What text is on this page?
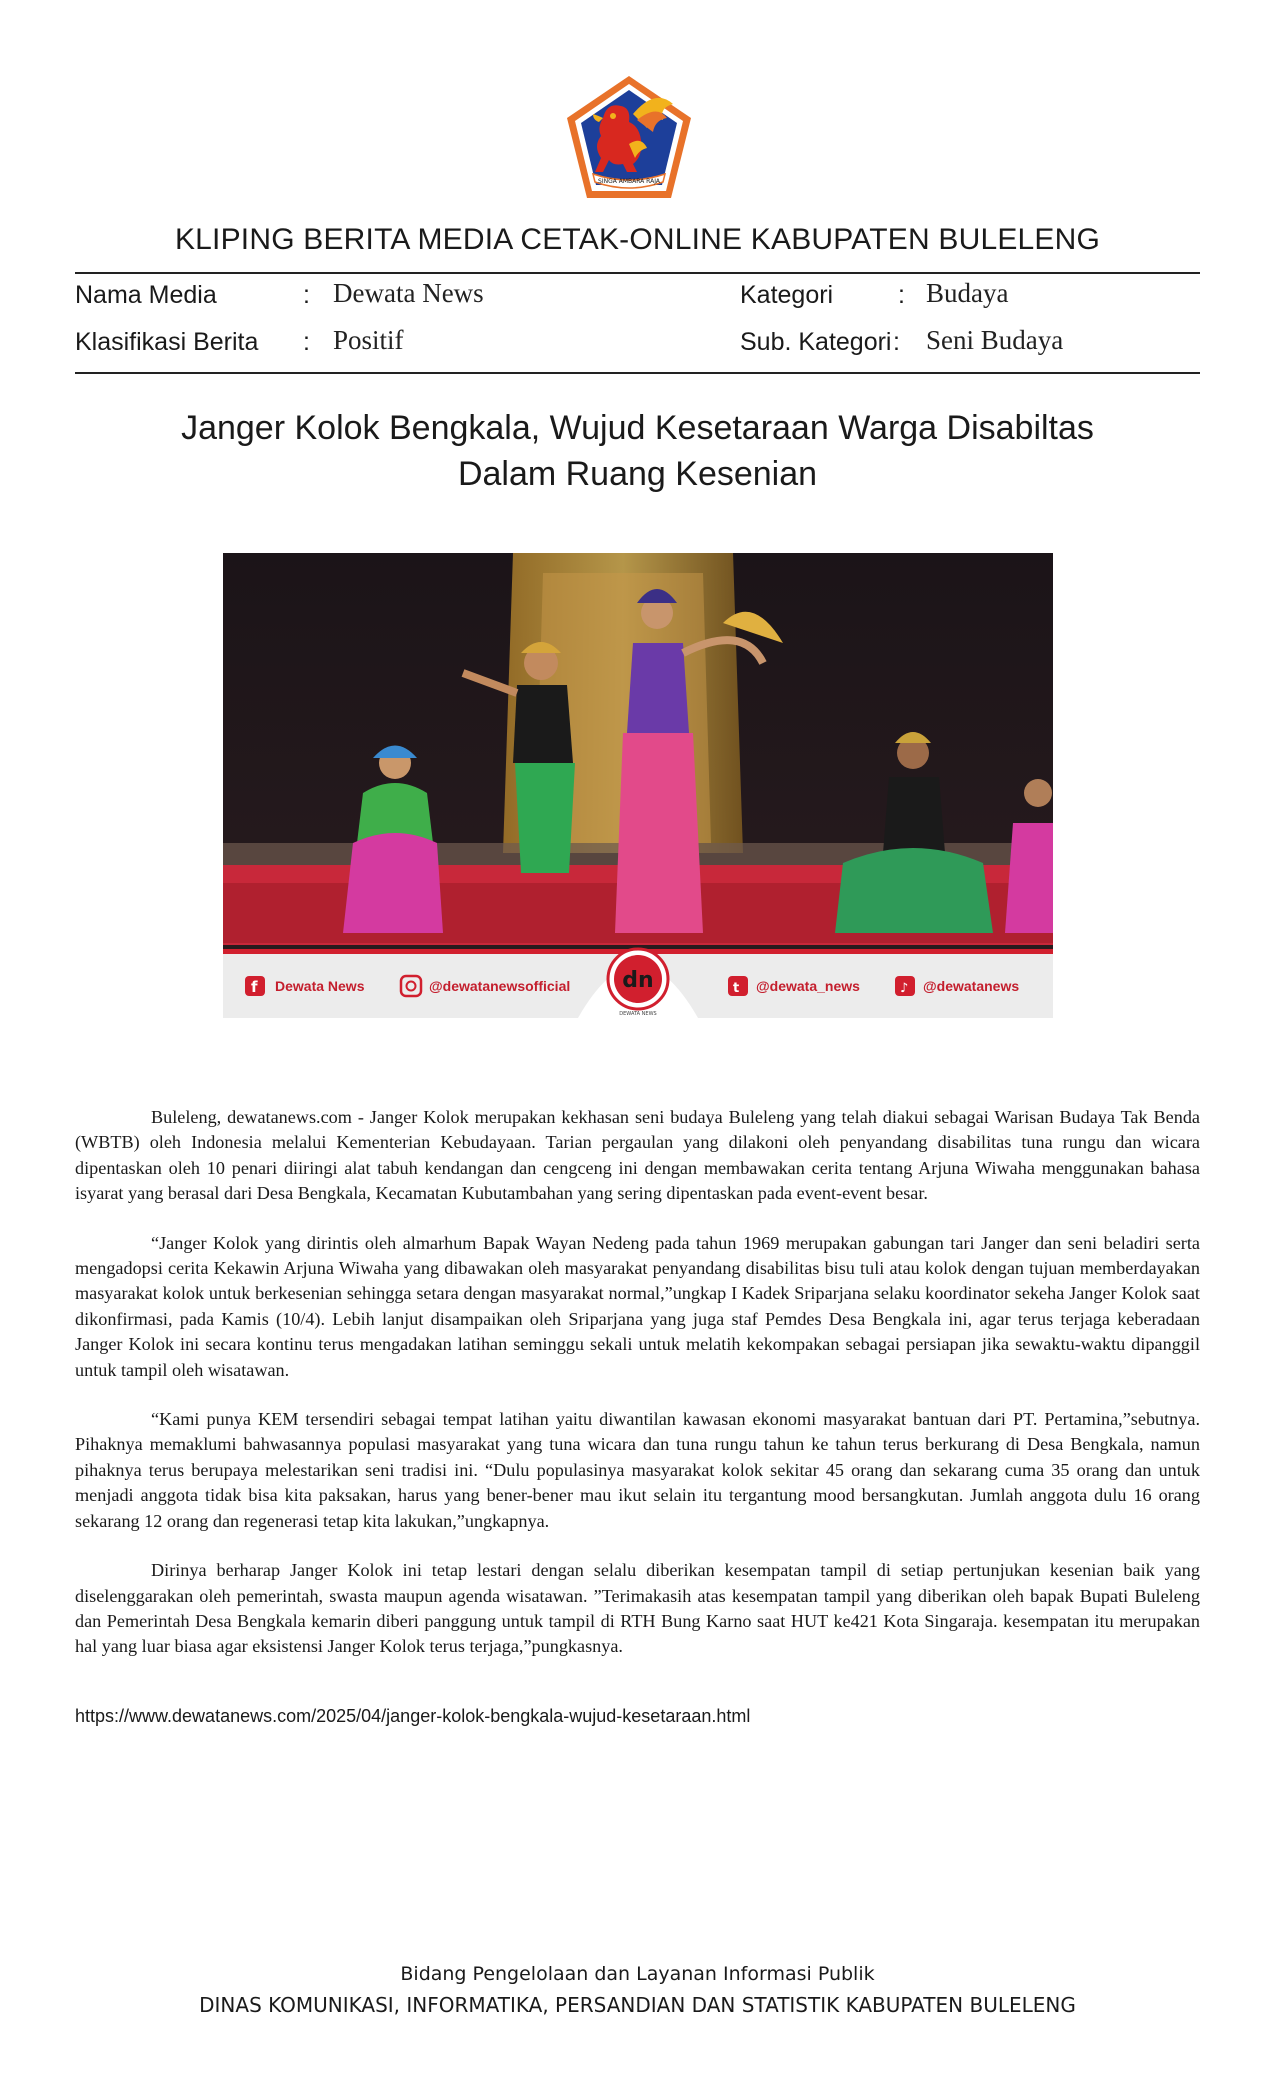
SINGA AMBARA RAJA
KLIPING BERITA MEDIA CETAK-ONLINE KABUPATEN BULELENG
Nama Media	: Dewata News	Kategori	: Budaya
Klasifikasi Berita : Positif	Sub. Kategori : Seni Budaya
Janger Kolok Bengkala, Wujud Kesetaraan Warga Disabiltas
Dalam Ruang Kesenian
f Dewata News	@dewatanewsofficial dn
DEWATA NEWS
t @dewata_news	♪ @dewatanews

Buleleng, dewatanews.com - Janger Kolok merupakan kekhasan seni budaya Buleleng yang telah diakui sebagai Warisan Budaya Tak Benda (WBTB) oleh Indonesia melalui Kementerian Kebudayaan. Tarian pergaulan yang dilakoni oleh penyandang disabilitas tuna rungu dan wicara dipentaskan oleh 10 penari diiringi alat tabuh kendangan dan cengceng ini dengan membawakan cerita tentang Arjuna Wiwaha menggunakan bahasa isyarat yang berasal dari Desa Bengkala, Kecamatan Kubutambahan yang sering dipentaskan pada event-event besar.

“Janger Kolok yang dirintis oleh almarhum Bapak Wayan Nedeng pada tahun 1969 merupakan gabungan tari Janger dan seni beladiri serta mengadopsi cerita Kekawin Arjuna Wiwaha yang dibawakan oleh masyarakat penyandang disabilitas bisu tuli atau kolok dengan tujuan memberdayakan masyarakat kolok untuk berkesenian sehingga setara dengan masyarakat normal,”ungkap I Kadek Sriparjana selaku koordinator sekeha Janger Kolok saat dikonfirmasi, pada Kamis (10/4). Lebih lanjut disampaikan oleh Sriparjana yang juga staf Pemdes Desa Bengkala ini, agar terus terjaga keberadaan Janger Kolok ini secara kontinu terus mengadakan latihan seminggu sekali untuk melatih kekompakan sebagai persiapan jika sewaktu-waktu dipanggil untuk tampil oleh wisatawan.

“Kami punya KEM tersendiri sebagai tempat latihan yaitu diwantilan kawasan ekonomi masyarakat bantuan dari PT. Pertamina,”sebutnya. Pihaknya memaklumi bahwasannya populasi masyarakat yang tuna wicara dan tuna rungu tahun ke tahun terus berkurang di Desa Bengkala, namun pihaknya terus berupaya melestarikan seni tradisi ini. “Dulu populasinya masyarakat kolok sekitar 45 orang dan sekarang cuma 35 orang dan untuk menjadi anggota tidak bisa kita paksakan, harus yang bener-bener mau ikut selain itu tergantung mood bersangkutan. Jumlah anggota dulu 16 orang sekarang 12 orang dan regenerasi tetap kita lakukan,”ungkapnya.

Dirinya berharap Janger Kolok ini tetap lestari dengan selalu diberikan kesempatan tampil di setiap pertunjukan kesenian baik yang diselenggarakan oleh pemerintah, swasta maupun agenda wisatawan. ”Terimakasih atas kesempatan tampil yang diberikan oleh bapak Bupati Buleleng dan Pemerintah Desa Bengkala kemarin diberi panggung untuk tampil di RTH Bung Karno saat HUT ke421 Kota Singaraja. kesempatan itu merupakan hal yang luar biasa agar eksistensi Janger Kolok terus terjaga,”pungkasnya.

https://www.dewatanews.com/2025/04/janger-kolok-bengkala-wujud-kesetaraan.html
Bidang Pengelolaan dan Layanan Informasi Publik
DINAS KOMUNIKASI, INFORMATIKA, PERSANDIAN DAN STATISTIK KABUPATEN BULELENG
